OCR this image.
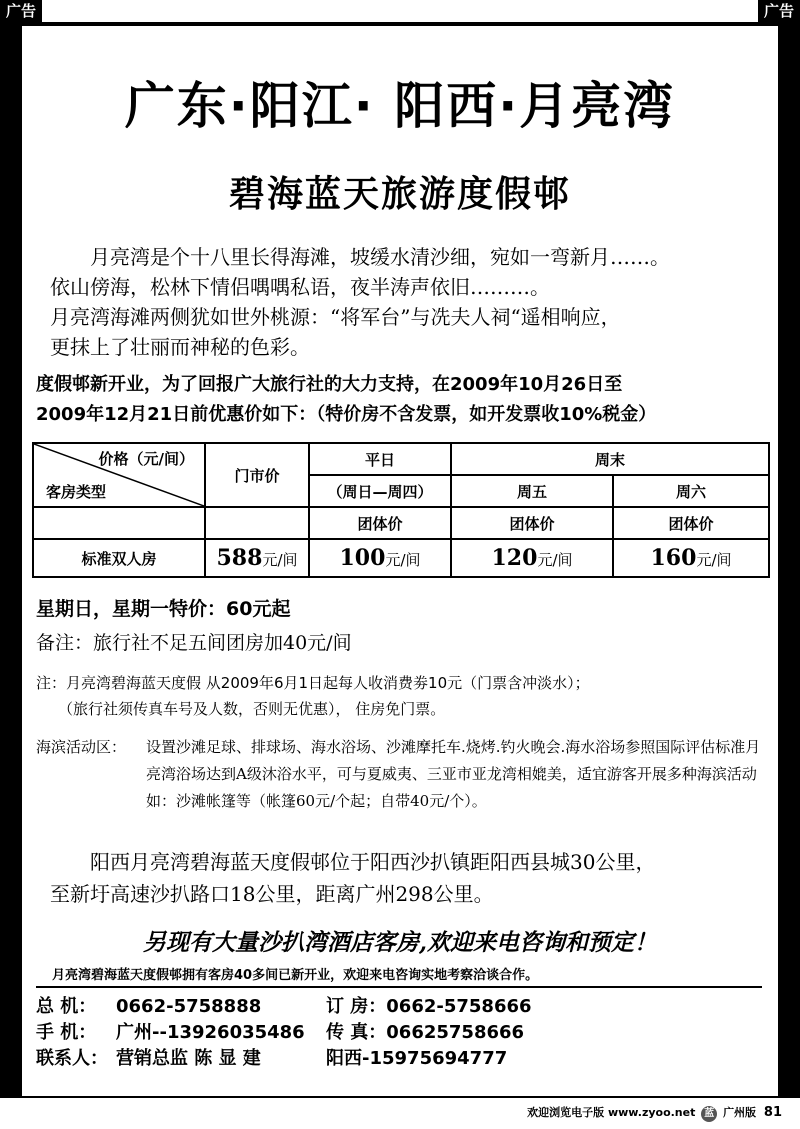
广告	广告
广东·阳江· 阳西·月亮湾
碧海蓝天旅游度假邨

月亮湾是个十八里长得海滩，坡缓水清沙细，宛如一弯新月……。

依山傍海，松林下情侣喁喁私语，夜半涛声依旧………。

月亮湾海滩两侧犹如世外桃源：“将军台”与冼夫人祠“遥相响应，

更抹上了壮丽而神秘的色彩。

度假邨新开业，为了回报广大旅行社的大力支持，在2009年10月26日至

2009年12月21日前优惠价如下：（特价房不含发票，如开发票收10%税金）

价格（元/间）
客房类型	门市价	平日	周末	
		（周日—周四）	周五	周六
		团体价	团体价	团体价
标准双人房	588元/间	100元/间	120元/间	160元/间
星期日，星期一特价：60元起
备注：旅行社不足五间团房加40元/间

注：月亮湾碧海蓝天度假 从2009年6月1日起每人收消费劵10元（门票含冲淡水）；

（旅行社须传真车号及人数，否则无优惠）， 住房免门票。

海滨活动区：	设置沙滩足球、排球场、海水浴场、沙滩摩托车.烧烤.钓火晚会.海水浴场参照国际评估标准月亮湾浴场达到A级沐浴水平，可与夏威夷、三亚市亚龙湾相媲美，适宜游客开展多种海滨活动如：沙滩帐篷等（帐篷60元/个起；自带40元/个）。

阳西月亮湾碧海蓝天度假邨位于阳西沙扒镇距阳西县城30公里，

至新圩高速沙扒路口18公里，距离广州298公里。

另现有大量沙扒湾酒店客房,欢迎来电咨询和预定！
月亮湾碧海蓝天度假邨拥有客房40多间已新开业，欢迎来电咨询实地考察洽谈合作。
总 机： 0662-5758888	订 房：0662-5758666
手 机： 广州--13926035486 传 真：06625758666
联系人： 营销总监 陈 显 建	阳西-15975694777
欢迎浏览电子版 www.zyoo.net 蓝 广州版 81
